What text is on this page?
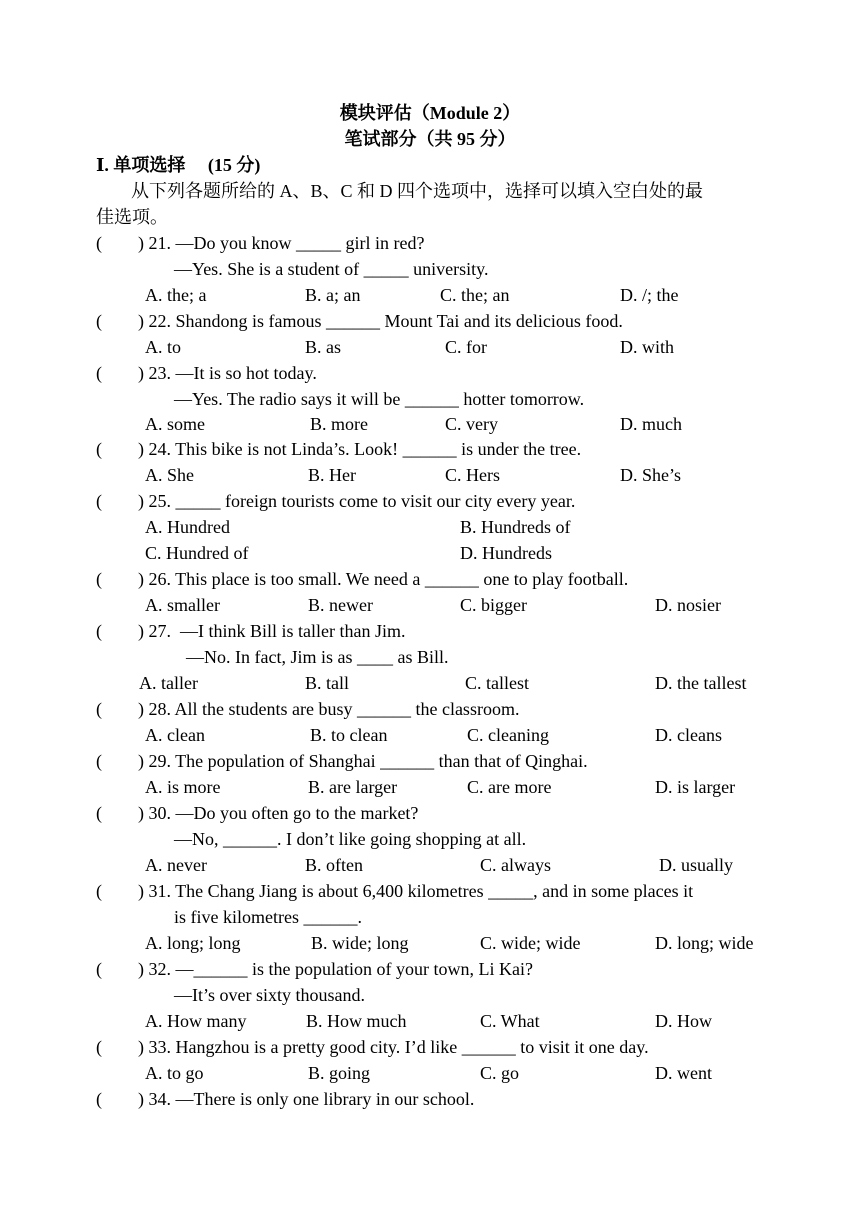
模块评估（Module 2）
笔试部分（共 95 分）
Ⅰ. 单项选择　 (15 分)
从下列各题所给的 A、B、C 和 D 四个选项中，选择可以填入空白处的最
佳选项。
(　　) 21. —Do you know _____ girl in red?
—Yes. She is a student of _____ university.
A. the; a	B. a; an	C. the; an	D. /; the
(　　) 22. Shandong is famous ______ Mount Tai and its delicious food.
A. to	B. as	C. for	D. with
(　　) 23. —It is so hot today.
—Yes. The radio says it will be ______ hotter tomorrow.
A. some	B. more	C. very	D. much
(　　) 24. This bike is not Linda’s. Look! ______ is under the tree.
A. She	B. Her	C. Hers	D. She’s
(　　) 25. _____ foreign tourists come to visit our city every year.
A. Hundred	B. Hundreds of
C. Hundred of	D. Hundreds
(　　) 26. This place is too small. We need a ______ one to play football.
A. smaller	B. newer	C. bigger	D. nosier
(　　) 27.  —I think Bill is taller than Jim.
—No. In fact, Jim is as ____ as Bill.
A. taller	B. tall	C. tallest	D. the tallest
(　　) 28. All the students are busy ______ the classroom.
A. clean	B. to clean	C. cleaning	D. cleans
(　　) 29. The population of Shanghai ______ than that of Qinghai.
A. is more	B. are larger	C. are more	D. is larger
(　　) 30. —Do you often go to the market?
—No, ______. I don’t like going shopping at all.
A. never	B. often	C. always	D. usually
(　　) 31. The Chang Jiang is about 6,400 kilometres _____, and in some places it
is five kilometres ______.
A. long; long	B. wide; long	C. wide; wide	D. long; wide
(　　) 32. —______ is the population of your town, Li Kai?
—It’s over sixty thousand.
A. How many	B. How much	C. What	D. How
(　　) 33. Hangzhou is a pretty good city. I’d like ______ to visit it one day.
A. to go	B. going	C. go	D. went
(　　) 34. —There is only one library in our school.
